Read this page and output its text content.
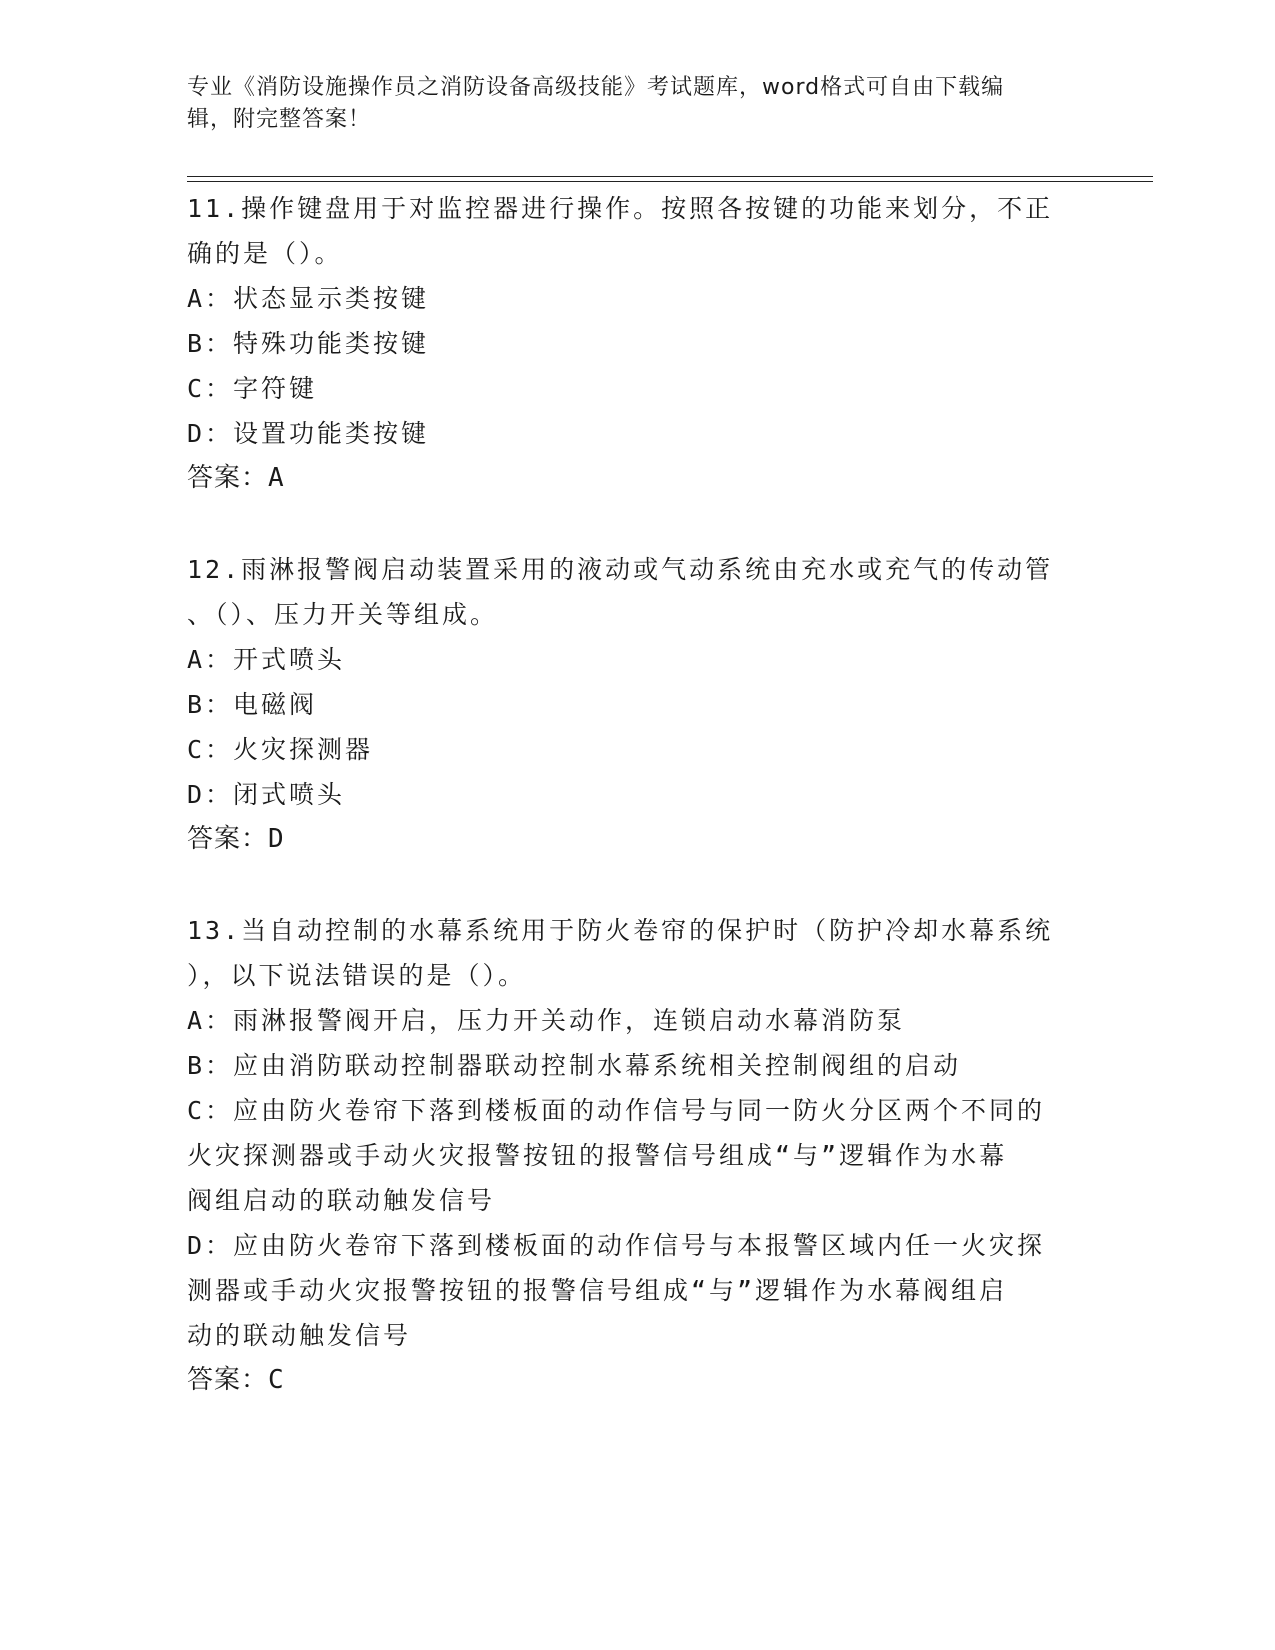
专业《消防设施操作员之消防设备高级技能》考试题库，word格式可自由下载编
辑，附完整答案！
11.操作键盘用于对监控器进行操作。按照各按键的功能来划分，不正
确的是（）。
A：状态显示类按键
B：特殊功能类按键
C：字符键
D：设置功能类按键
答案：A
12.雨淋报警阀启动装置采用的液动或气动系统由充水或充气的传动管
、（）、压力开关等组成。
A：开式喷头
B：电磁阀
C：火灾探测器
D：闭式喷头
答案：D
13.当自动控制的水幕系统用于防火卷帘的保护时（防护冷却水幕系统
），以下说法错误的是（）。
A：雨淋报警阀开启，压力开关动作，连锁启动水幕消防泵
B：应由消防联动控制器联动控制水幕系统相关控制阀组的启动
C：应由防火卷帘下落到楼板面的动作信号与同一防火分区两个不同的
火灾探测器或手动火灾报警按钮的报警信号组成“与”逻辑作为水幕
阀组启动的联动触发信号
D：应由防火卷帘下落到楼板面的动作信号与本报警区域内任一火灾探
测器或手动火灾报警按钮的报警信号组成“与”逻辑作为水幕阀组启
动的联动触发信号
答案：C
